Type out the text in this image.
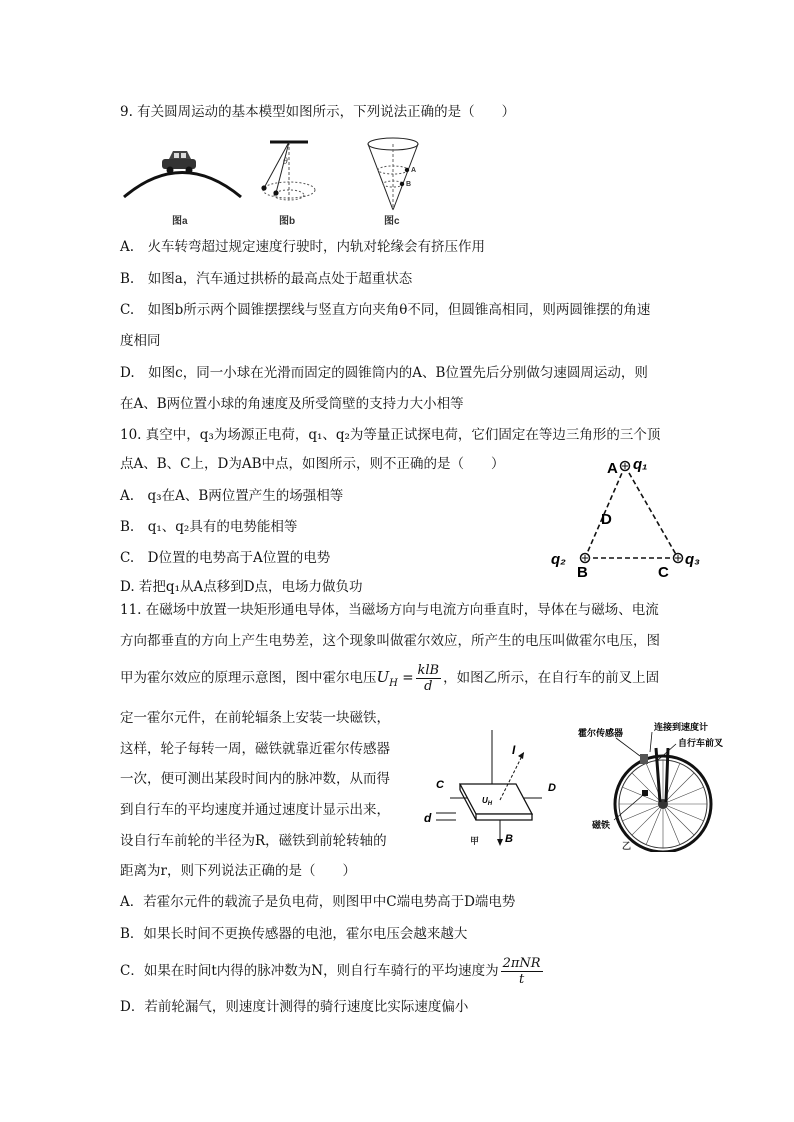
9. 有关圆周运动的基本模型如图所示，下列说法正确的是（　　）
图a
θ
图b
A
B
图c
A.　火车转弯超过规定速度行驶时，内轨对轮缘会有挤压作用
B.　如图a，汽车通过拱桥的最高点处于超重状态
C.　如图b所示两个圆锥摆摆线与竖直方向夹角θ不同，但圆锥高相同，则两圆锥摆的角速
度相同
D.　如图c，同一小球在光滑而固定的圆锥筒内的A、B位置先后分别做匀速圆周运动，则
在A、B两位置小球的角速度及所受筒壁的支持力大小相等
10. 真空中，q₃为场源正电荷，q₁、q₂为等量正试探电荷，它们固定在等边三角形的三个顶
点A、B、C上，D为AB中点，如图所示，则不正确的是（　　）
A.　q₃在A、B两位置产生的场强相等
B.　q₁、q₂具有的电势能相等
C.　D位置的电势高于A位置的电势
D. 若把q₁从A点移到D点，电场力做负功
A q₁
D
q₂
B	C
q₃
11. 在磁场中放置一块矩形通电导体，当磁场方向与电流方向垂直时，导体在与磁场、电流
方向都垂直的方向上产生电势差，这个现象叫做霍尔效应，所产生的电压叫做霍尔电压，图
甲为霍尔效应的原理示意图，图中霍尔电压$U_H = \frac{\text{klB}}{d}$ ，如图乙所示，在自行车的前叉上固
定一霍尔元件，在前轮辐条上安装一块磁铁，
这样，轮子每转一周，磁铁就靠近霍尔传感器
一次，便可测出某段时间内的脉冲数，从而得
到自行车的平均速度并通过速度计显示出来，
设自行车前轮的半径为R，磁铁到前轮转轴的
距离为r，则下列说法正确的是（　　）
I
C	D
$U_H$
d
B
甲
霍尔传感器
连接到速度计
自行车前叉
磁铁
乙
A．若霍尔元件的载流子是负电荷，则图甲中C端电势高于D端电势
B．如果长时间不更换传感器的电池，霍尔电压会越来越大
C．如果在时间t内得的脉冲数为N，则自行车骑行的平均速度为 $\frac{\text{2πNR}}{t}$
D．若前轮漏气，则速度计测得的骑行速度比实际速度偏小
